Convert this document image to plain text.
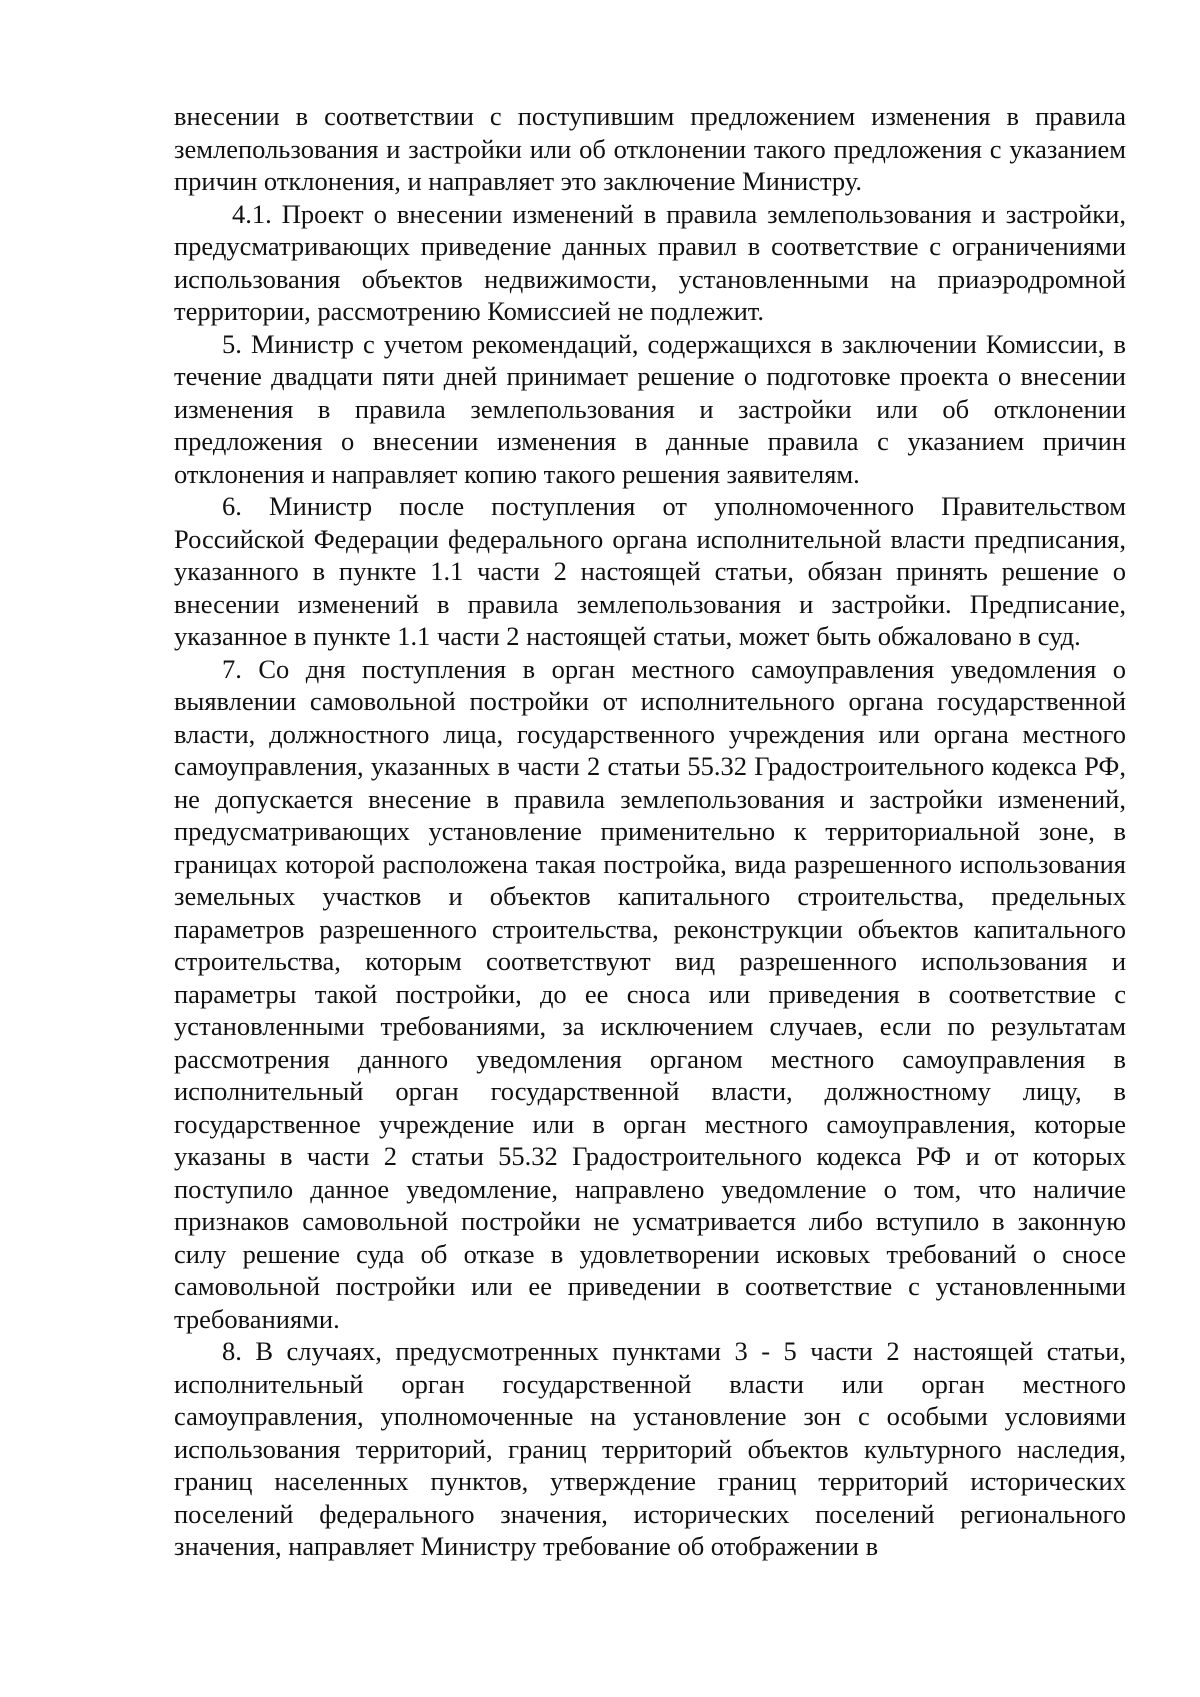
внесении в соответствии с поступившим предложением изменения в правила землепользования и застройки или об отклонении такого предложения с указанием причин отклонения, и направляет это заключение Министру.

4.1. Проект о внесении изменений в правила землепользования и застройки, предусматривающих приведение данных правил в соответствие с ограничениями использования объектов недвижимости, установленными на приаэродромной территории, рассмотрению Комиссией не подлежит.

5. Министр с учетом рекомендаций, содержащихся в заключении Комиссии, в течение двадцати пяти дней принимает решение о подготовке проекта о внесении изменения в правила землепользования и застройки или об отклонении предложения о внесении изменения в данные правила с указанием причин отклонения и направляет копию такого решения заявителям.

6. Министр после поступления от уполномоченного Правительством Российской Федерации федерального органа исполнительной власти предписания, указанного в пункте 1.1 части 2 настоящей статьи, обязан принять решение о внесении изменений в правила землепользования и застройки. Предписание, указанное в пункте 1.1 части 2 настоящей статьи, может быть обжаловано в суд.

7. Со дня поступления в орган местного самоуправления уведомления о выявлении самовольной постройки от исполнительного органа государственной власти, должностного лица, государственного учреждения или органа местного самоуправления, указанных в части 2 статьи 55.32 Градостроительного кодекса РФ, не допускается внесение в правила землепользования и застройки изменений, предусматривающих установление применительно к территориальной зоне, в границах которой расположена такая постройка, вида разрешенного использования земельных участков и объектов капитального строительства, предельных параметров разрешенного строительства, реконструкции объектов капитального строительства, которым соответствуют вид разрешенного использования и параметры такой постройки, до ее сноса или приведения в соответствие с установленными требованиями, за исключением случаев, если по результатам рассмотрения данного уведомления органом местного самоуправления в исполнительный орган государственной власти, должностному лицу, в государственное учреждение или в орган местного самоуправления, которые указаны в части 2 статьи 55.32 Градостроительного кодекса РФ и от которых поступило данное уведомление, направлено уведомление о том, что наличие признаков самовольной постройки не усматривается либо вступило в законную силу решение суда об отказе в удовлетворении исковых требований о сносе самовольной постройки или ее приведении в соответствие с установленными требованиями.

8. В случаях, предусмотренных пунктами 3 - 5 части 2 настоящей статьи, исполнительный орган государственной власти или орган местного самоуправления, уполномоченные на установление зон с особыми условиями использования территорий, границ территорий объектов культурного наследия, границ населенных пунктов, утверждение границ территорий исторических поселений федерального значения, исторических поселений регионального значения, направляет Министру требование об отображении в
